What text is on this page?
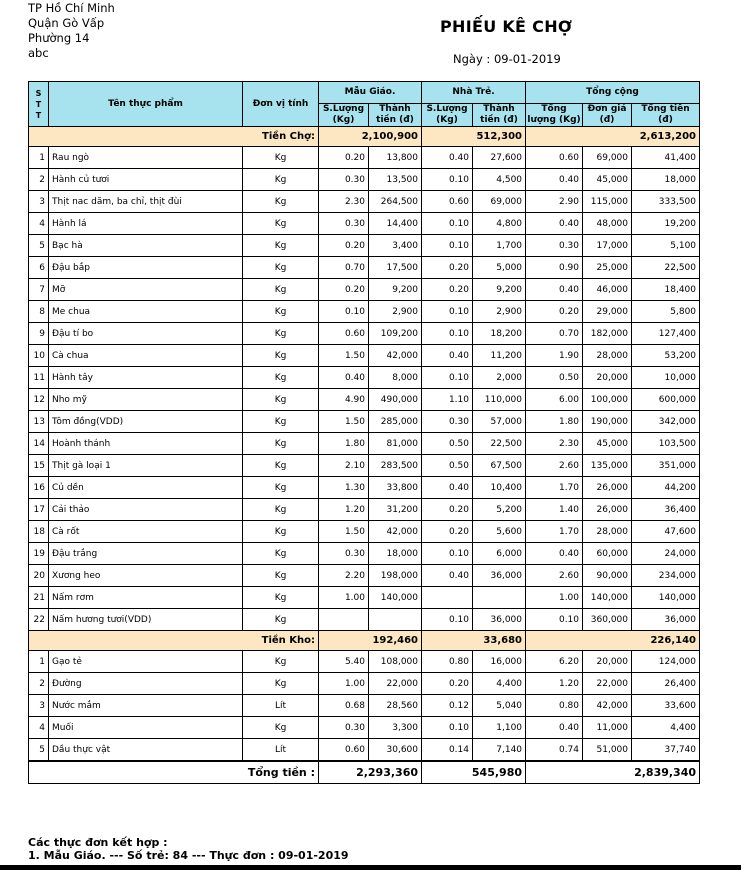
TP Hồ Chí Minh
Quận Gò Vấp
Phường 14
abc
PHIẾU KÊ CHỢ
Ngày : 09-01-2019
S T T	Tên thực phẩm	Đơn vị tính	Mẫu Giáo.		Nhà Trẻ.		Tổng cộng		
			S.Lượng (Kg)	Thành tiền (đ)	S.Lượng (Kg)	Thành tiền (đ)	Tổng lượng (Kg)	Đơn giá (đ)	Tổng tiền (đ)
Tiền Chợ:			2,100,900		512,300		2,613,200		
1	Rau ngò	Kg	0.20	13,800	0.40	27,600	0.60	69,000	41,400
2	Hành củ tươi	Kg	0.30	13,500	0.10	4,500	0.40	45,000	18,000
3	Thịt nac dăm, ba chỉ, thịt đùi	Kg	2.30	264,500	0.60	69,000	2.90	115,000	333,500
4	Hành lá	Kg	0.30	14,400	0.10	4,800	0.40	48,000	19,200
5	Bạc hà	Kg	0.20	3,400	0.10	1,700	0.30	17,000	5,100
6	Đậu bắp	Kg	0.70	17,500	0.20	5,000	0.90	25,000	22,500
7	Mỡ	Kg	0.20	9,200	0.20	9,200	0.40	46,000	18,400
8	Me chua	Kg	0.10	2,900	0.10	2,900	0.20	29,000	5,800
9	Đậu tí bo	Kg	0.60	109,200	0.10	18,200	0.70	182,000	127,400
10	Cà chua	Kg	1.50	42,000	0.40	11,200	1.90	28,000	53,200
11	Hành tây	Kg	0.40	8,000	0.10	2,000	0.50	20,000	10,000
12	Nho mỹ	Kg	4.90	490,000	1.10	110,000	6.00	100,000	600,000
13	Tôm đồng(VDD)	Kg	1.50	285,000	0.30	57,000	1.80	190,000	342,000
14	Hoành thánh	Kg	1.80	81,000	0.50	22,500	2.30	45,000	103,500
15	Thịt gà loại 1	Kg	2.10	283,500	0.50	67,500	2.60	135,000	351,000
16	Củ dền	Kg	1.30	33,800	0.40	10,400	1.70	26,000	44,200
17	Cải thảo	Kg	1.20	31,200	0.20	5,200	1.40	26,000	36,400
18	Cà rốt	Kg	1.50	42,000	0.20	5,600	1.70	28,000	47,600
19	Đậu trắng	Kg	0.30	18,000	0.10	6,000	0.40	60,000	24,000
20	Xương heo	Kg	2.20	198,000	0.40	36,000	2.60	90,000	234,000
21	Nấm rơm	Kg	1.00	140,000			1.00	140,000	140,000
22	Nấm hương tươi(VDD)	Kg			0.10	36,000	0.10	360,000	36,000
Tiền Kho:			192,460		33,680		226,140		
1	Gạo tẻ	Kg	5.40	108,000	0.80	16,000	6.20	20,000	124,000
2	Đường	Kg	1.00	22,000	0.20	4,400	1.20	22,000	26,400
3	Nước mắm	Lít	0.68	28,560	0.12	5,040	0.80	42,000	33,600
4	Muối	Kg	0.30	3,300	0.10	1,100	0.40	11,000	4,400
5	Dầu thực vật	Lít	0.60	30,600	0.14	7,140	0.74	51,000	37,740
Tổng tiền :			2,293,360		545,980		2,839,340		
Các thực đơn kết hợp :
1. Mẫu Giáo. --- Số trẻ: 84 --- Thực đơn : 09-01-2019
